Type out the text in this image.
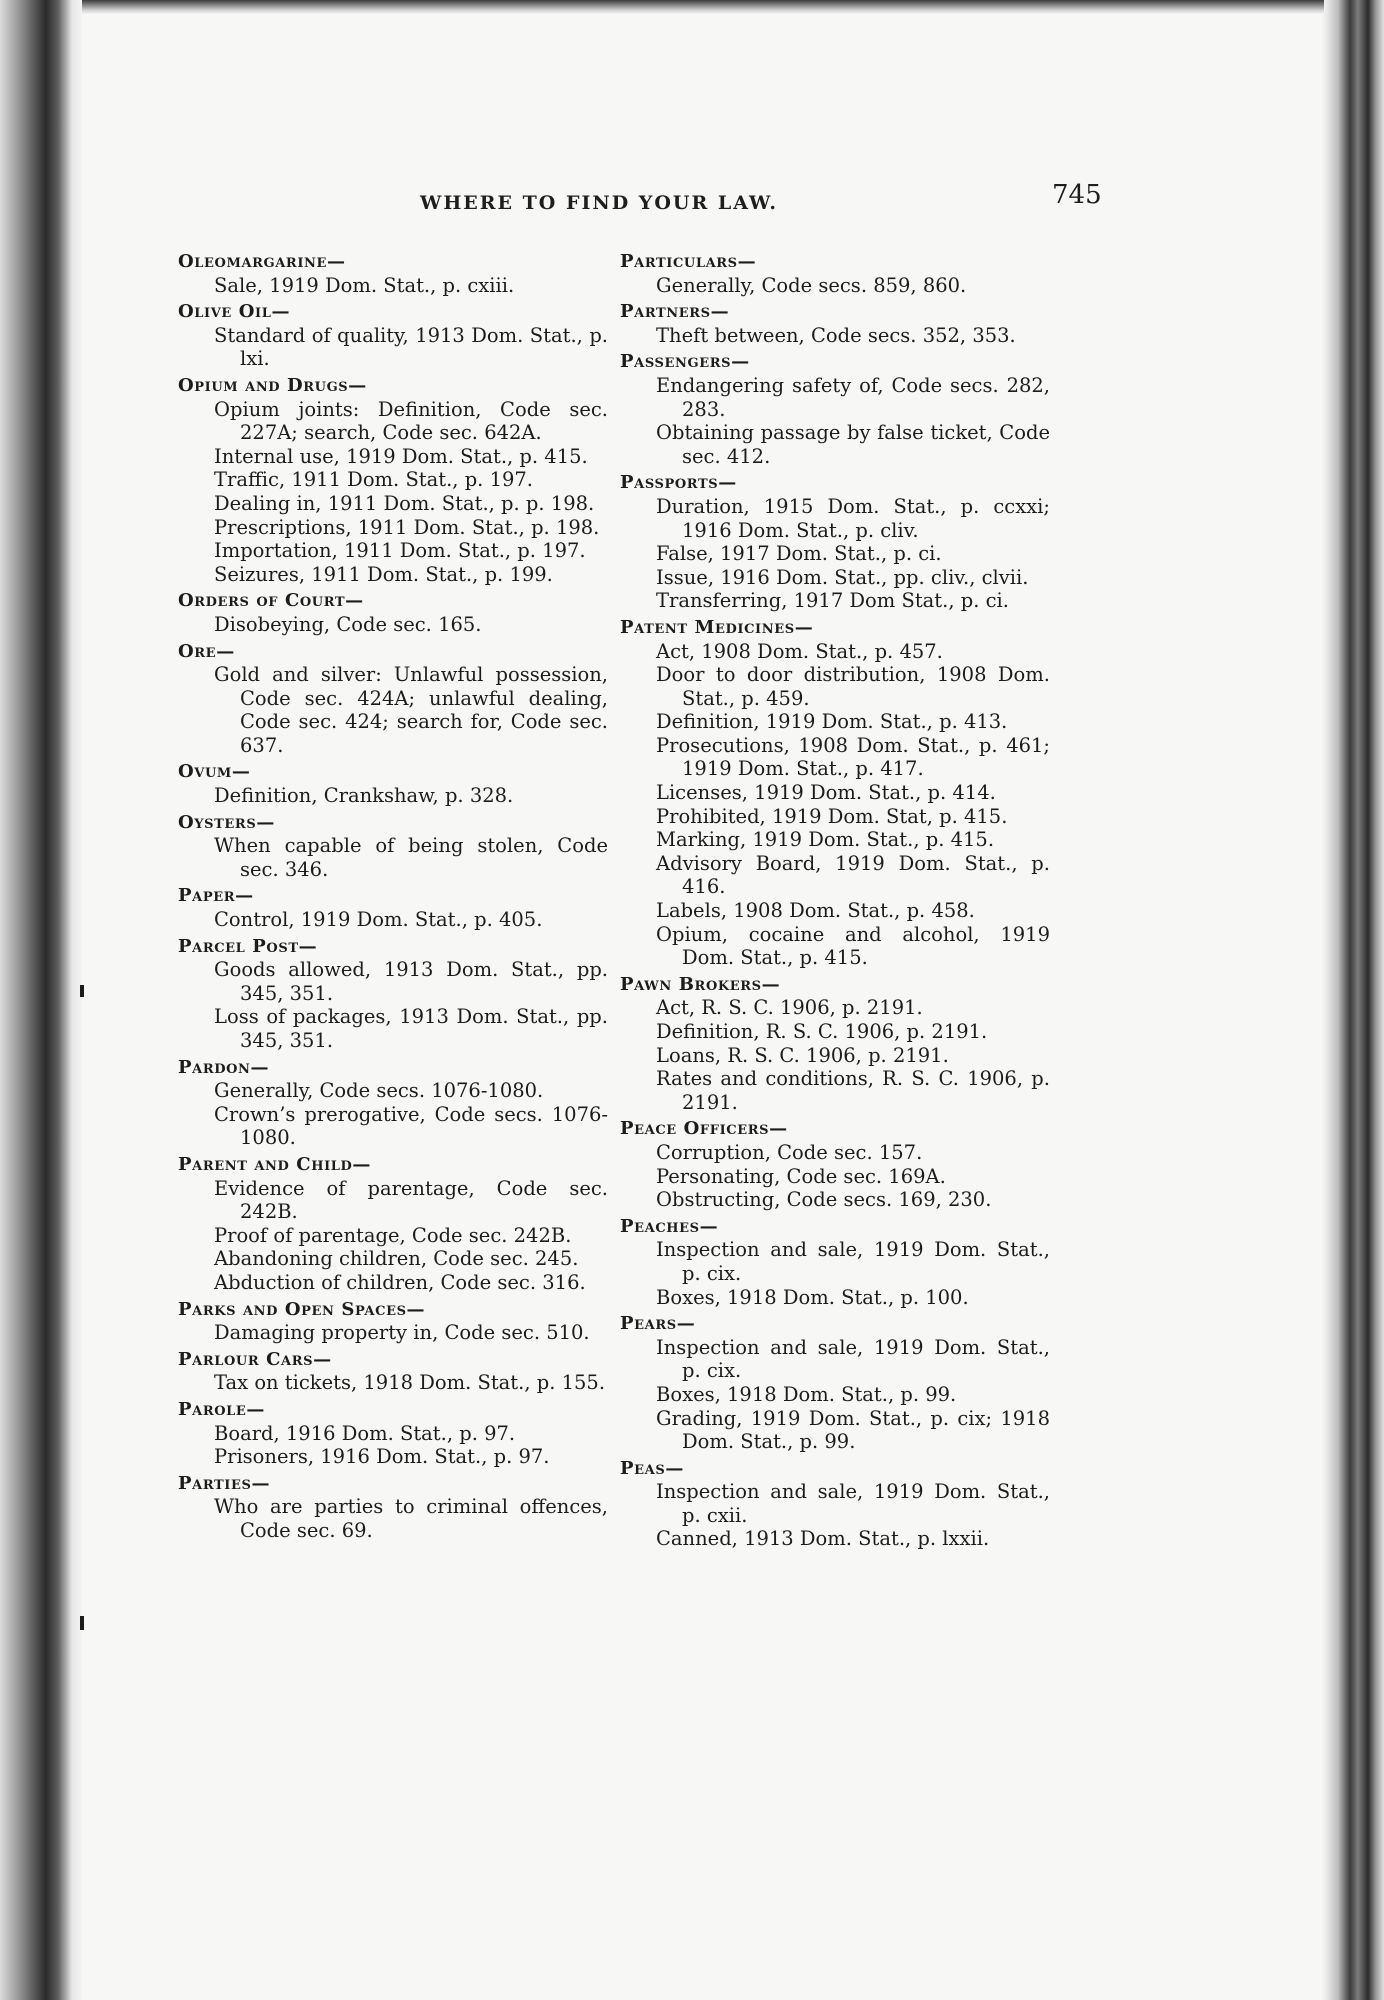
WHERE TO FIND YOUR LAW.	745
Oleomargarine—
Sale, 1919 Dom. Stat., p. cxiii.
Olive Oil—
Standard of quality, 1913 Dom. Stat., p. lxi.
Opium and Drugs—
Opium joints: Definition, Code sec. 227A; search, Code sec. 642A.
Internal use, 1919 Dom. Stat., p. 415.
Traffic, 1911 Dom. Stat., p. 197.
Dealing in, 1911 Dom. Stat., p. p. 198.
Prescriptions, 1911 Dom. Stat., p. 198.
Importation, 1911 Dom. Stat., p. 197.
Seizures, 1911 Dom. Stat., p. 199.
Orders of Court—
Disobeying, Code sec. 165.
Ore—
Gold and silver: Unlawful possession, Code sec. 424A; unlawful dealing, Code sec. 424; search for, Code sec. 637.
Ovum—
Definition, Crankshaw, p. 328.
Oysters—
When capable of being stolen, Code sec. 346.
Paper—
Control, 1919 Dom. Stat., p. 405.
Parcel Post—
Goods allowed, 1913 Dom. Stat., pp. 345, 351.
Loss of packages, 1913 Dom. Stat., pp. 345, 351.
Pardon—
Generally, Code secs. 1076-1080.
Crown’s prerogative, Code secs. 1076-1080.
Parent and Child—
Evidence of parentage, Code sec. 242B.
Proof of parentage, Code sec. 242B.
Abandoning children, Code sec. 245.
Abduction of children, Code sec. 316.
Parks and Open Spaces—
Damaging property in, Code sec. 510.
Parlour Cars—
Tax on tickets, 1918 Dom. Stat., p. 155.
Parole—
Board, 1916 Dom. Stat., p. 97.
Prisoners, 1916 Dom. Stat., p. 97.
Parties—
Who are parties to criminal offences, Code sec. 69.
Particulars—
Generally, Code secs. 859, 860.
Partners—
Theft between, Code secs. 352, 353.
Passengers—
Endangering safety of, Code secs. 282, 283.
Obtaining passage by false ticket, Code sec. 412.
Passports—
Duration, 1915 Dom. Stat., p. ccxxi; 1916 Dom. Stat., p. cliv.
False, 1917 Dom. Stat., p. ci.
Issue, 1916 Dom. Stat., pp. cliv., clvii.
Transferring, 1917 Dom Stat., p. ci.
Patent Medicines—
Act, 1908 Dom. Stat., p. 457.
Door to door distribution, 1908 Dom. Stat., p. 459.
Definition, 1919 Dom. Stat., p. 413.
Prosecutions, 1908 Dom. Stat., p. 461; 1919 Dom. Stat., p. 417.
Licenses, 1919 Dom. Stat., p. 414.
Prohibited, 1919 Dom. Stat, p. 415.
Marking, 1919 Dom. Stat., p. 415.
Advisory Board, 1919 Dom. Stat., p. 416.
Labels, 1908 Dom. Stat., p. 458.
Opium, cocaine and alcohol, 1919 Dom. Stat., p. 415.
Pawn Brokers—
Act, R. S. C. 1906, p. 2191.
Definition, R. S. C. 1906, p. 2191.
Loans, R. S. C. 1906, p. 2191.
Rates and conditions, R. S. C. 1906, p. 2191.
Peace Officers—
Corruption, Code sec. 157.
Personating, Code sec. 169A.
Obstructing, Code secs. 169, 230.
Peaches—
Inspection and sale, 1919 Dom. Stat., p. cix.
Boxes, 1918 Dom. Stat., p. 100.
Pears—
Inspection and sale, 1919 Dom. Stat., p. cix.
Boxes, 1918 Dom. Stat., p. 99.
Grading, 1919 Dom. Stat., p. cix; 1918 Dom. Stat., p. 99.
Peas—
Inspection and sale, 1919 Dom. Stat., p. cxii.
Canned, 1913 Dom. Stat., p. lxxii.
